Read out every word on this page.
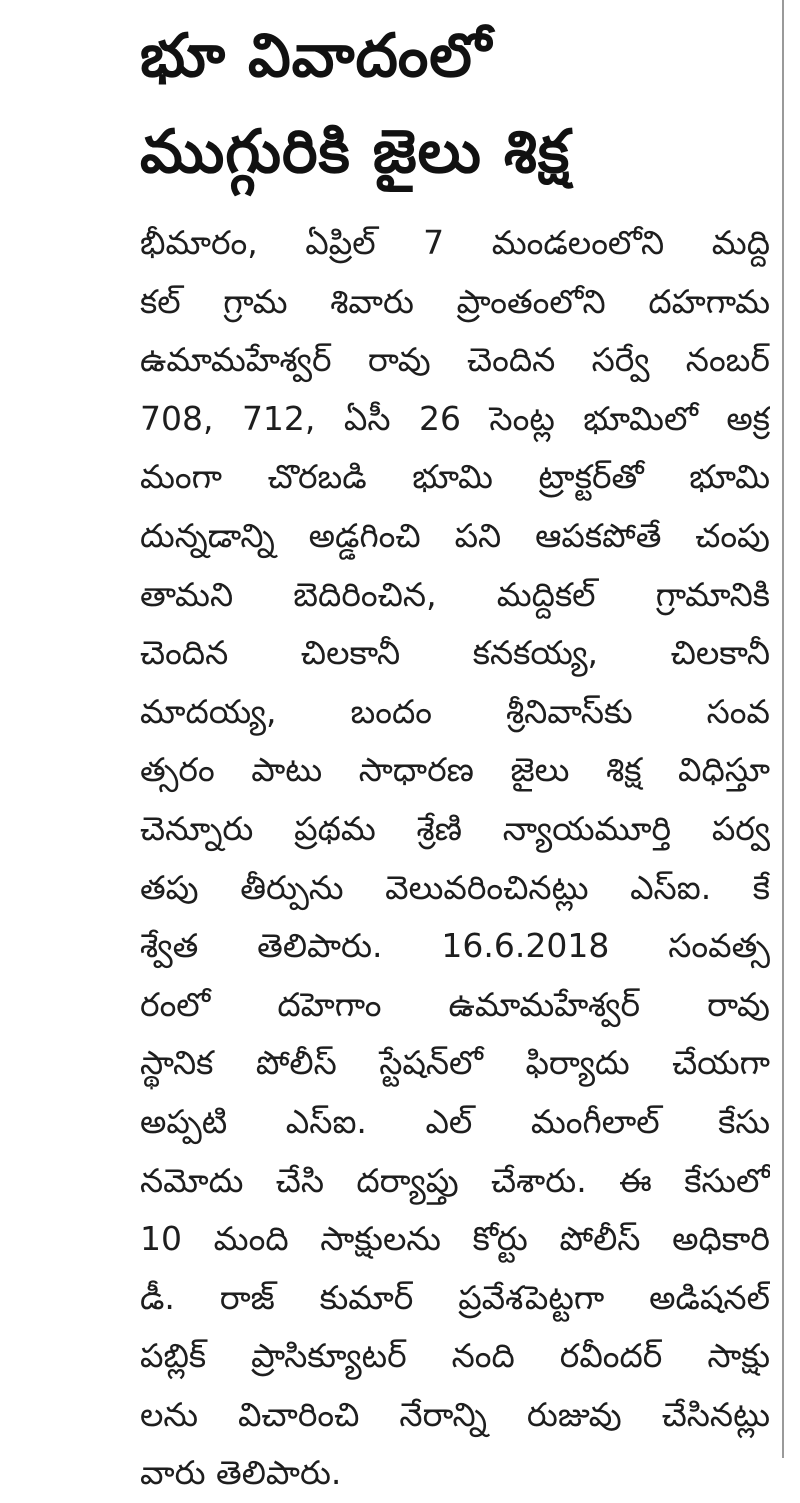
భూ వివాదంలో
ముగ్గురికి జైలు శిక్ష
భీమారం, ఏప్రిల్ 7 మండలంలోని మద్ది
కల్ గ్రామ శివారు ప్రాంతంలోని దహగామ
ఉమామహేశ్వర్ రావు చెందిన సర్వే నంబర్
708, 712, ఏసీ 26 సెంట్ల భూమిలో అక్ర
మంగా చొరబడి భూమి ట్రాక్టర్‌తో భూమి
దున్నడాన్ని అడ్డగించి పని ఆపకపోతే చంపు
తామని బెదిరించిన, మద్దికల్ గ్రామానికి
చెందిన చిలకానీ కనకయ్య, చిలకానీ
మాదయ్య, బందం శ్రీనివాస్‌కు సంవ
త్సరం పాటు సాధారణ జైలు శిక్ష విధిస్తూ
చెన్నూరు ప్రథమ శ్రేణి న్యాయమూర్తి పర్వ
తపు తీర్పును వెలువరించినట్లు ఎస్ఐ. కే
శ్వేత తెలిపారు. 16.6.2018 సంవత్స
రంలో దహెగాం ఉమామహేశ్వర్ రావు
స్థానిక పోలీస్ స్టేషన్‌లో ఫిర్యాదు చేయగా
అప్పటి ఎస్ఐ. ఎల్ మంగీలాల్ కేసు
నమోదు చేసి దర్యాప్తు చేశారు. ఈ కేసులో
10 మంది సాక్షులను కోర్టు పోలీస్ అధికారి
డీ. రాజ్ కుమార్ ప్రవేశపెట్టగా అడిషనల్
పబ్లిక్ ప్రాసిక్యూటర్ నంది రవీందర్ సాక్షు
లను విచారించి నేరాన్ని రుజువు చేసినట్లు
వారు తెలిపారు.
